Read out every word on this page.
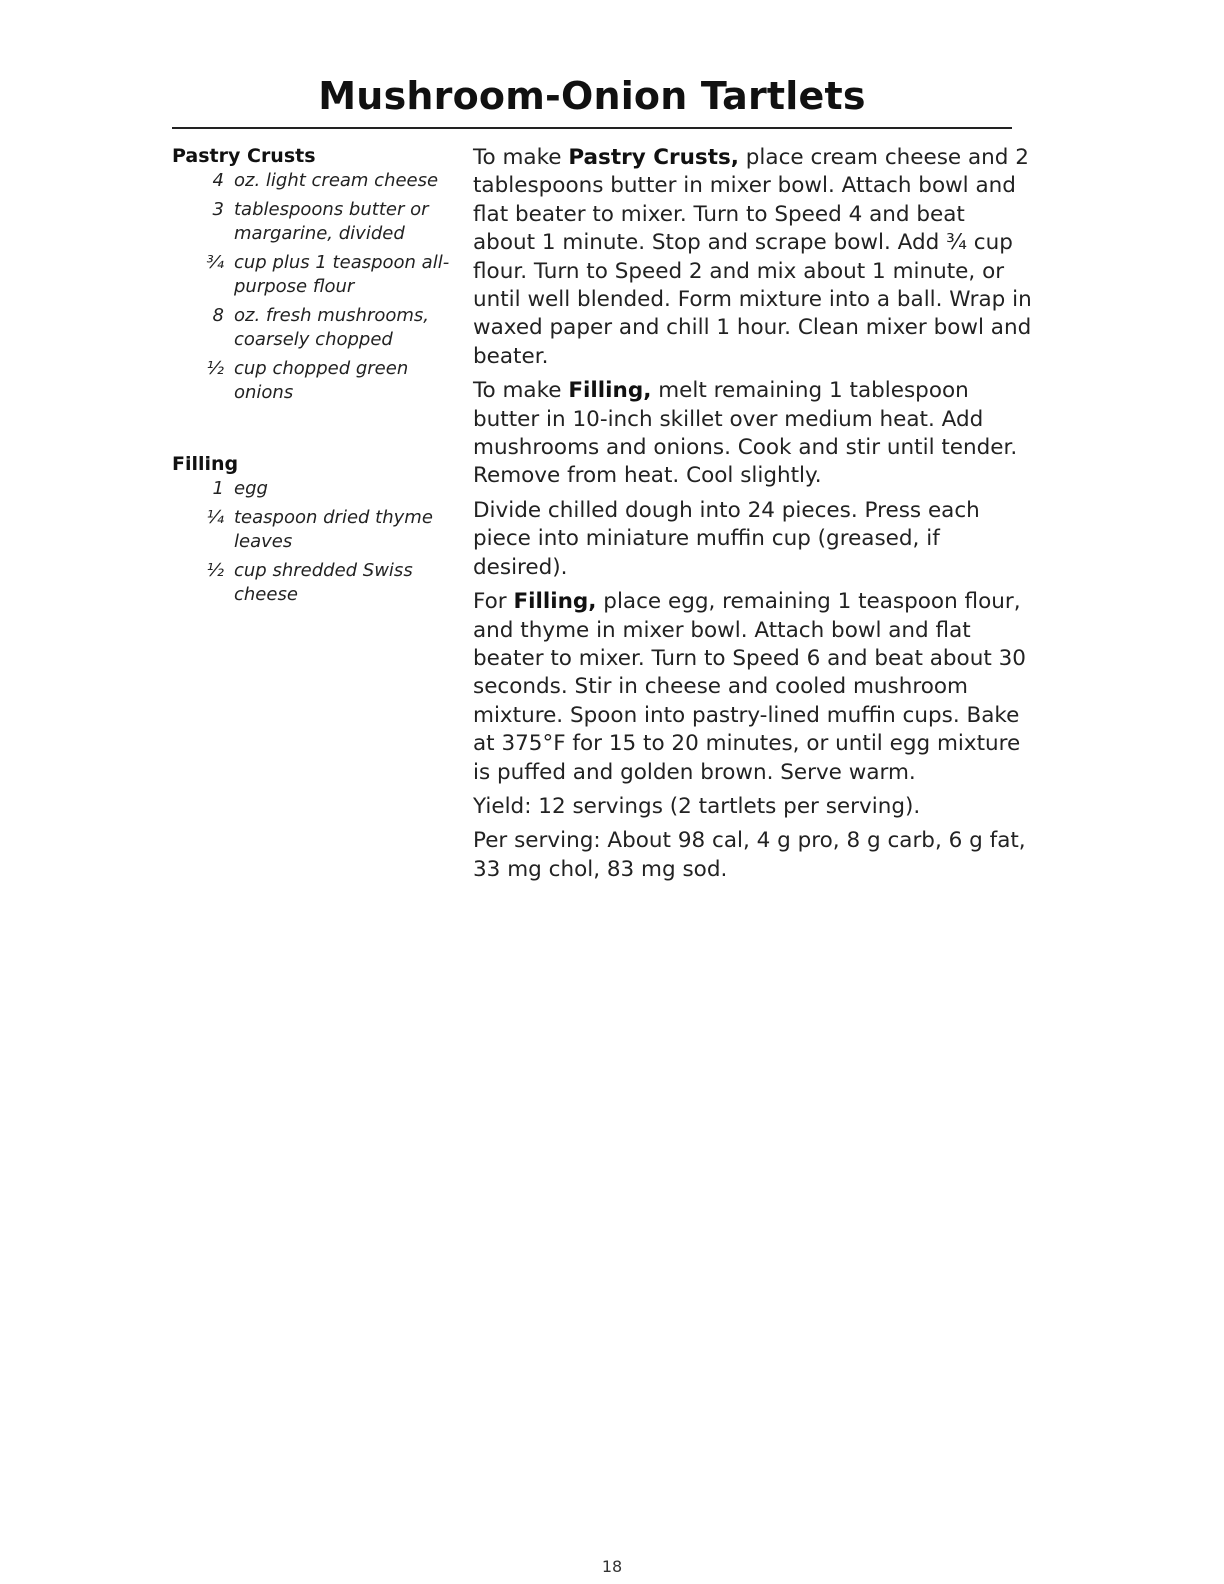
Mushroom-Onion Tartlets
Pastry Crusts
4 oz. light cream cheese
3 tablespoons butter or margarine, divided
¾ cup plus 1 teaspoon all-purpose flour
8 oz. fresh mushrooms, coarsely chopped
½ cup chopped green onions
Filling
1 egg
¼ teaspoon dried thyme leaves
½ cup shredded Swiss cheese

To make Pastry Crusts, place cream cheese and 2 tablespoons butter in mixer bowl. Attach bowl and flat beater to mixer. Turn to Speed 4 and beat about 1 minute. Stop and scrape bowl. Add ¾ cup flour. Turn to Speed 2 and mix about 1 minute, or until well blended. Form mixture into a ball. Wrap in waxed paper and chill 1 hour. Clean mixer bowl and beater.

To make Filling, melt remaining 1 tablespoon butter in 10-inch skillet over medium heat. Add mushrooms and onions. Cook and stir until tender. Remove from heat. Cool slightly.

Divide chilled dough into 24 pieces. Press each piece into miniature muffin cup (greased, if desired).

For Filling, place egg, remaining 1 teaspoon flour, and thyme in mixer bowl. Attach bowl and flat beater to mixer. Turn to Speed 6 and beat about 30 seconds. Stir in cheese and cooled mushroom mixture. Spoon into pastry-lined muffin cups. Bake at 375°F for 15 to 20 minutes, or until egg mixture is puffed and golden brown. Serve warm.

Yield: 12 servings (2 tartlets per serving).

Per serving: About 98 cal, 4 g pro, 8 g carb, 6 g fat, 33 mg chol, 83 mg sod.

18
